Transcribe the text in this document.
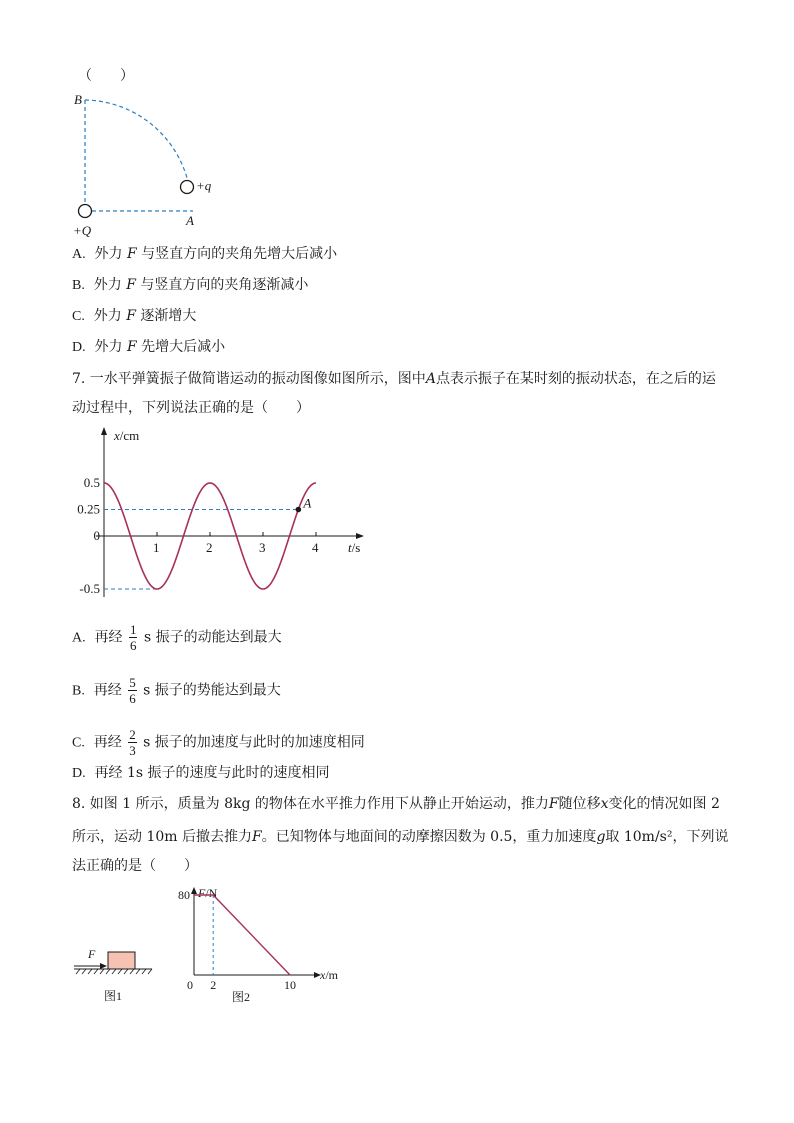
（　　）
B
A
+q
+Q
A. 外力 F 与竖直方向的夹角先增大后减小
B. 外力 F 与竖直方向的夹角逐渐减小
C. 外力 F 逐渐增大
D. 外力 F 先增大后减小
7. 一水平弹簧振子做简谐运动的振动图像如图所示，图中A点表示振子在某时刻的振动状态，在之后的运
动过程中，下列说法正确的是（　　）
x/cm
t/s
1	2	3	4
0.5
0.25
0
-0.5
A
A. 再经 $\frac{1}{6}$ s 振子的动能达到最大
B. 再经 $\frac{5}{6}$ s 振子的势能达到最大
C. 再经 $\frac{2}{3}$ s 振子的加速度与此时的加速度相同
D. 再经 1s 振子的速度与此时的速度相同
8. 如图 1 所示，质量为 8kg 的物体在水平推力作用下从静止开始运动，推力F随位移x变化的情况如图 2
所示，运动 10m 后撤去推力F。已知物体与地面间的动摩擦因数为 0.5，重力加速度g取 10m/s²，下列说
法正确的是（　　）
F
图1
F/N
x/m
80
0 2	10
图2
